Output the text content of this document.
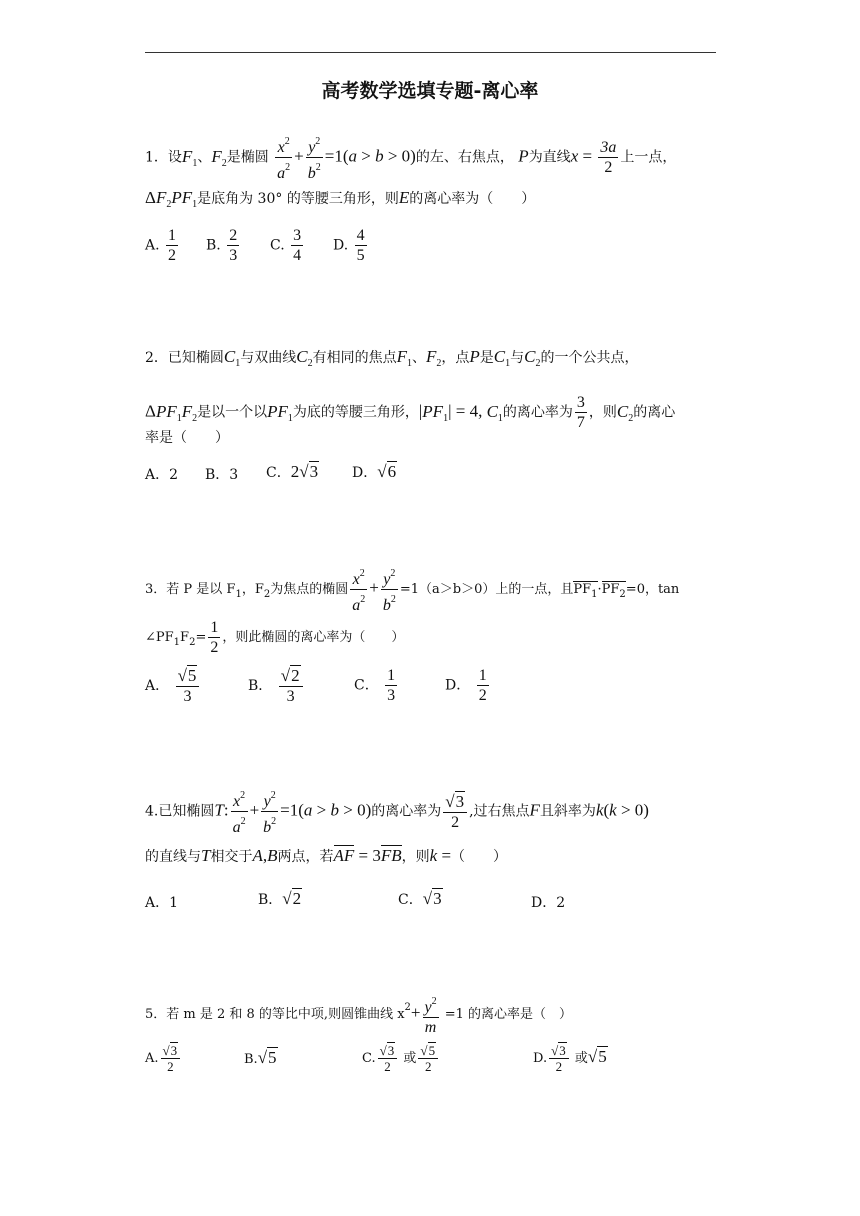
高考数学选填专题-离心率
1．设$F_1$、$F_2$是椭圆 $\frac{x^2}{a^2} + \frac{y^2}{b^2} =1(a > b > 0)$的左、右焦点， P为直线$x = \frac{3a}{2}$ 上一点，
$\Delta F_2PF_1$是底角为 30° 的等腰三角形，则E的离心率为（　　）
A. $\frac{1}{2} B$. $\frac{2}{3} C$. $\frac{3}{4} D$. $\frac{4}{5}$
2．已知椭圆$C_1$与双曲线$C_2$有相同的焦点$F_1$、$F_2$，点P是$C_1$与$C_2$的一个公共点，
$\Delta PF_1F_2$是以一个以$PF_1$为底的等腰三角形，$|PF_1| = 4$, $C_1$的离心率为 $\frac{3}{7}$ ，则$C_2$的离心
率是（　　）
A．2 B．3 C．2√3 D．√6
3．若 P 是以 $F_1$，$F_2$为焦点的椭圆 $\frac{x^2}{a^2} + \frac{y^2}{b^2} =1(a>b>0)$上的一点，且$PF_1\cdot PF_2=0$，tan
$\angle PF_1F_2= \frac{1}{2}$ ，则此椭圆的离心率为（　　）
A． $\frac{√5}{3}$	B． $\frac{√2}{3}$	C． $\frac{1}{3}$	D． $\frac{1}{2}$
4.已知椭圆T: $\frac{x^2}{a^2} + \frac{y^2}{b^2} =1(a > b > 0)$的离心率为 $\frac{√3}{2}$ ,过右焦点F且斜率为k(k > 0)
的直线与T相交于A,B两点，若AF = 3FB，则k =（　　）
A．1	B．√2	C．√3	D．2
5．若 m 是 2 和 8 的等比中项,则圆锥曲线 $x^2+ \frac{y^2}{m} =1$ 的离心率是（　）
A. $\frac{√3}{2}$	B.√5	C. $\frac{√3}{2}$ 或 $\frac{√5}{2}$	D. $\frac{√3}{2}$ 或√5
